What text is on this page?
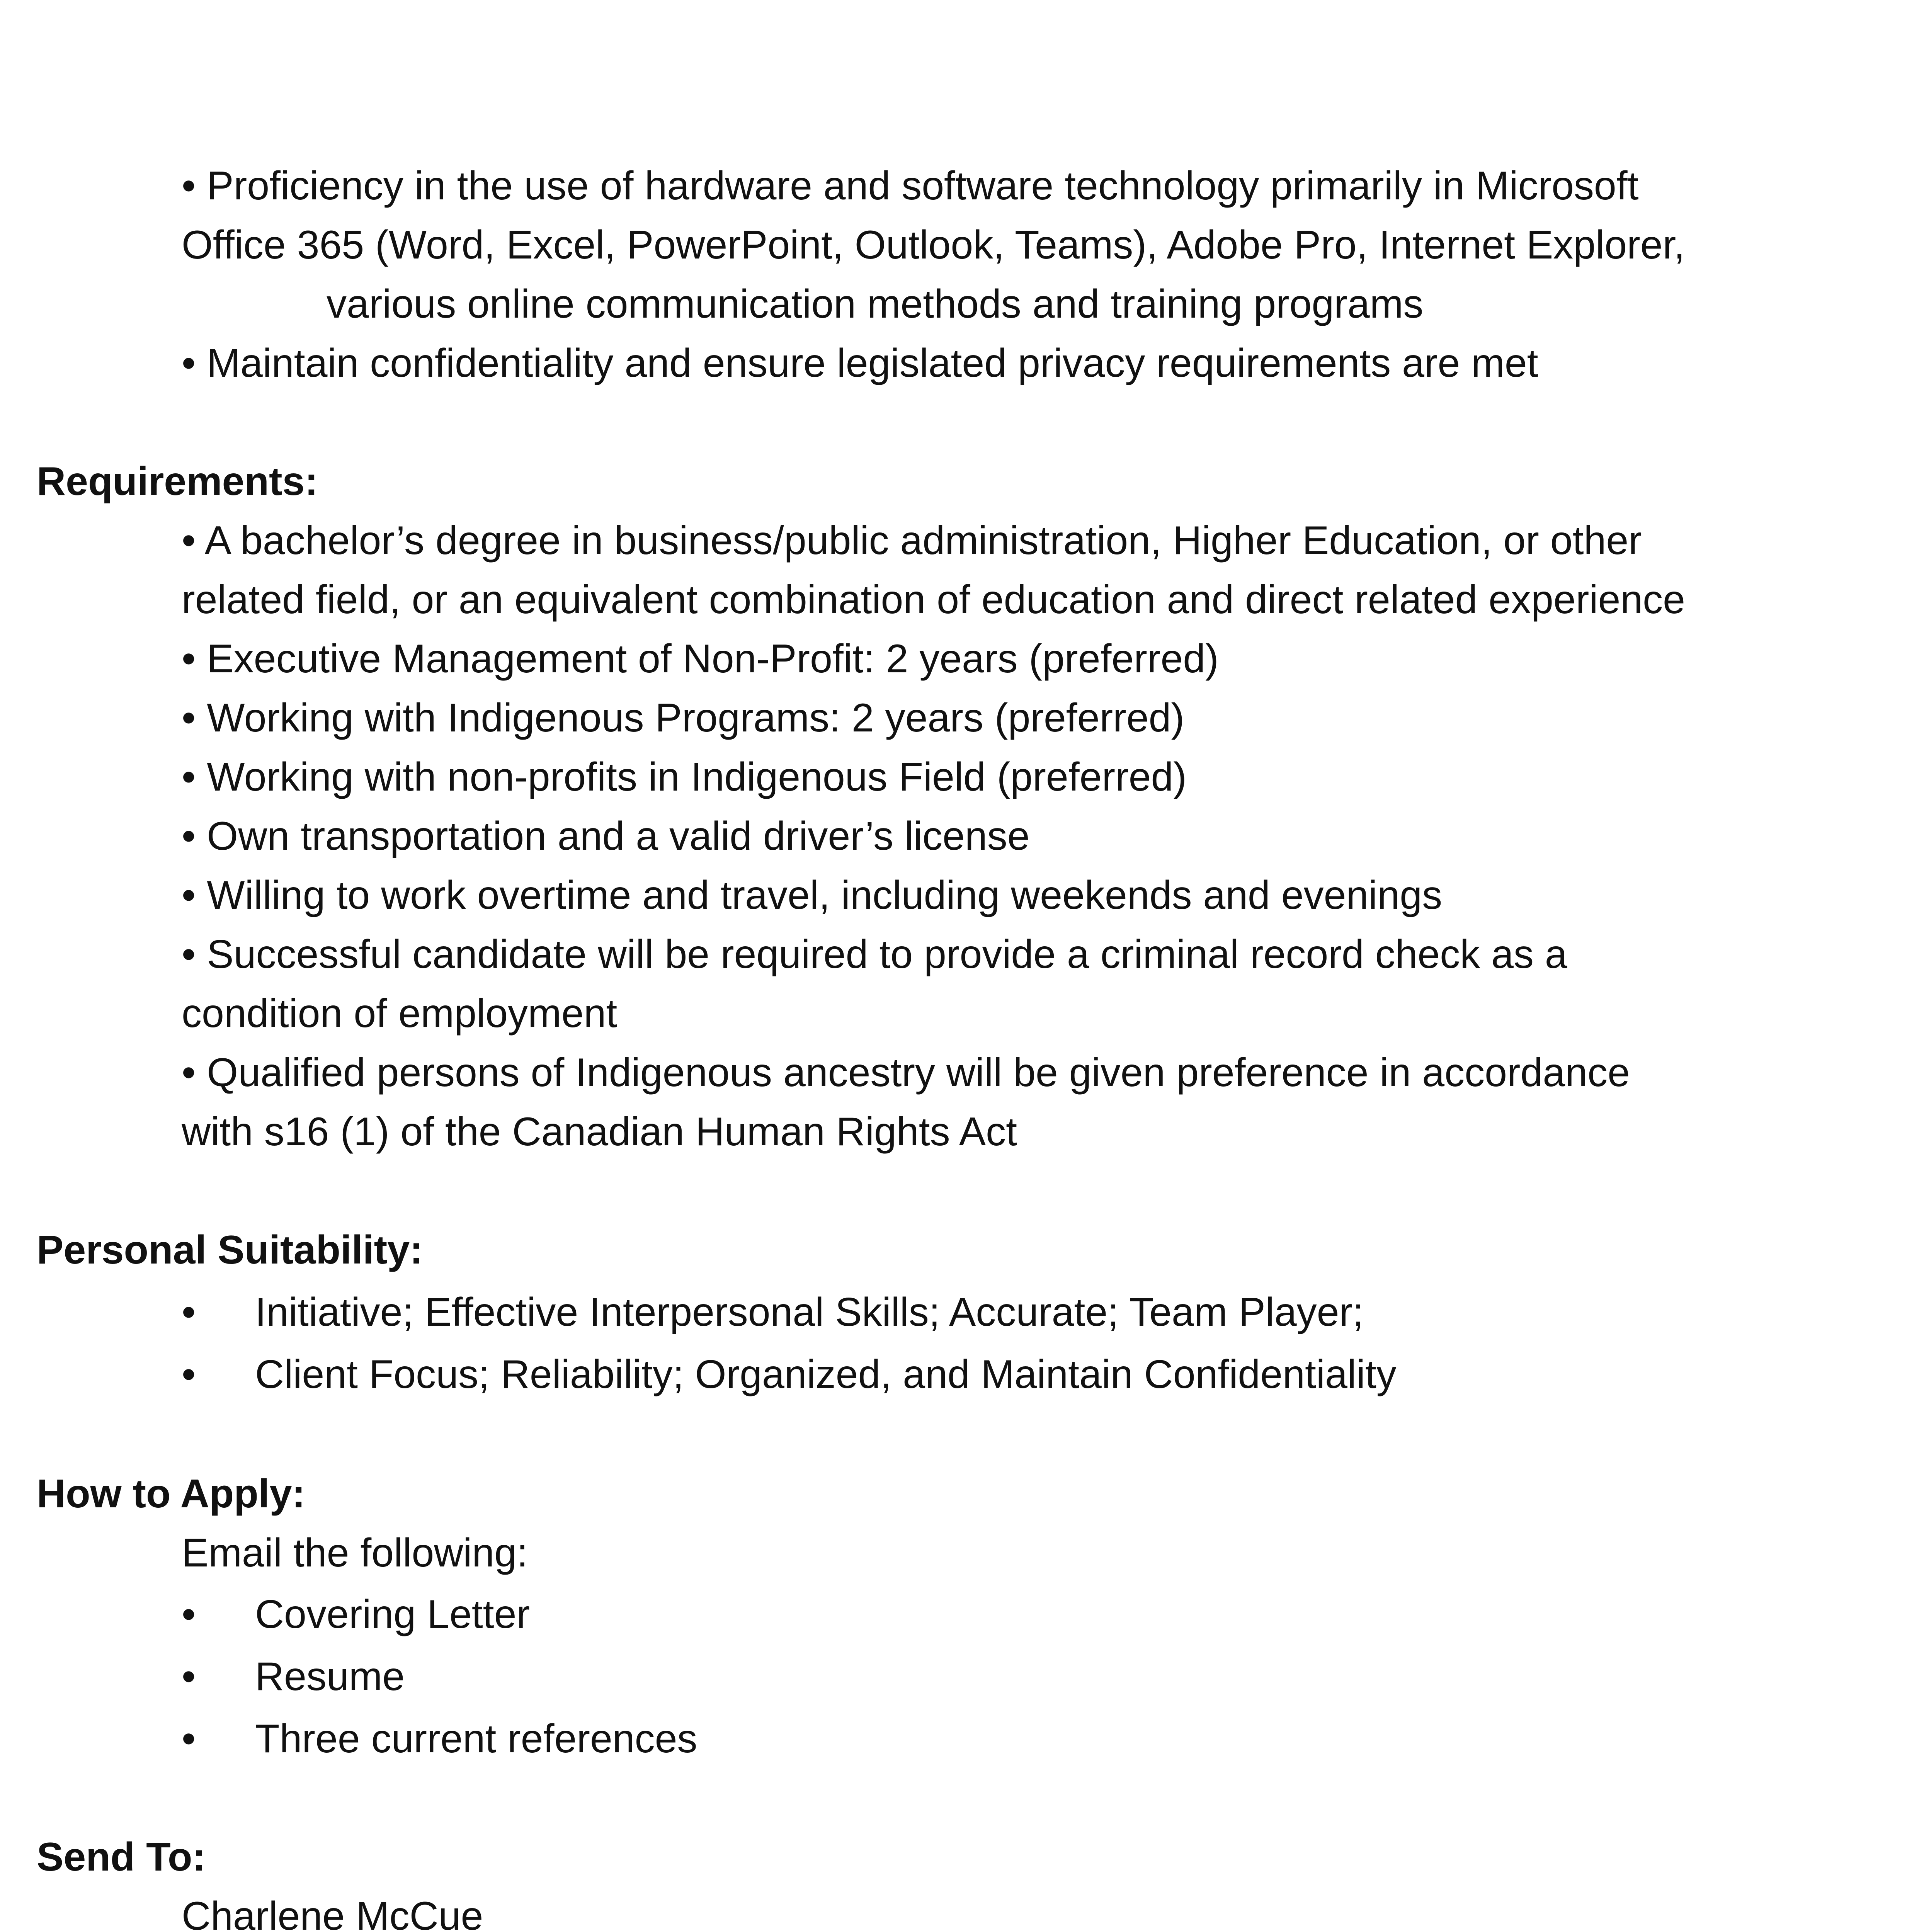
• Proficiency in the use of hardware and software technology primarily in Microsoft
Office 365 (Word, Excel, PowerPoint, Outlook, Teams), Adobe Pro, Internet Explorer,
various online communication methods and training programs
• Maintain confidentiality and ensure legislated privacy requirements are met
Requirements:
• A bachelor’s degree in business/public administration, Higher Education, or other
related field, or an equivalent combination of education and direct related experience
• Executive Management of Non-Profit: 2 years (preferred)
• Working with Indigenous Programs: 2 years (preferred)
• Working with non-profits in Indigenous Field (preferred)
• Own transportation and a valid driver’s license
• Willing to work overtime and travel, including weekends and evenings
• Successful candidate will be required to provide a criminal record check as a
condition of employment
• Qualified persons of Indigenous ancestry will be given preference in accordance
with s16 (1) of the Canadian Human Rights Act
Personal Suitability:
• Initiative; Effective Interpersonal Skills; Accurate; Team Player;
• Client Focus; Reliability; Organized, and Maintain Confidentiality
How to Apply:
Email the following:
• Covering Letter
• Resume
• Three current references
Send To:
Charlene McCue
